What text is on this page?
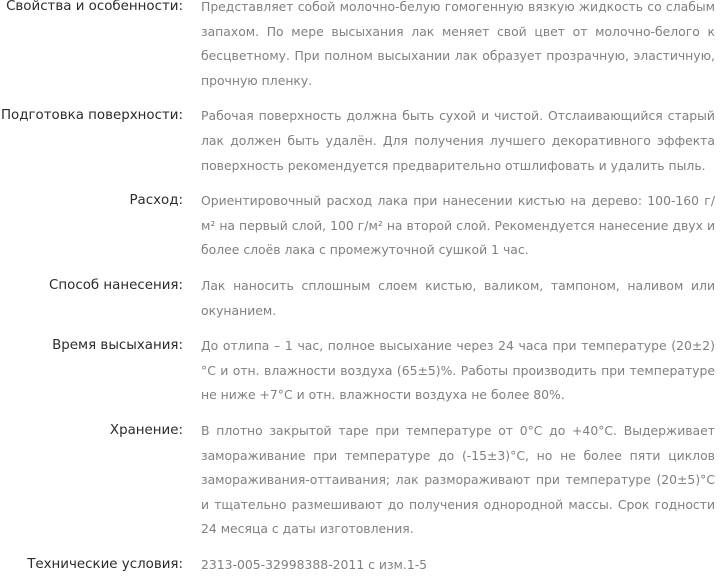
Свойства и особенности: Представляет собой молочно-белую гомогенную вязкую жидкость со слабым запахом. По мере высыхания лак меняет свой цвет от молочно-белого к бесцветному. При полном высыхании лак образует прозрачную, эластичную, прочную пленку.
Подготовка поверхности: Рабочая поверхность должна быть сухой и чистой. Отслаивающийся старый лак должен быть удалён. Для получения лучшего декоративного эффекта поверхность рекомендуется предварительно отшлифовать и удалить пыль.
Расход: Ориентировочный расход лака при нанесении кистью на дерево: 100-160 г/м² на первый слой, 100 г/м² на второй слой. Рекомендуется нанесение двух и более слоёв лака с промежуточной сушкой 1 час.
Способ нанесения: Лак наносить сплошным слоем кистью, валиком, тампоном, наливом или окунанием.
Время высыхания: До отлипа – 1 час, полное высыхание через 24 часа при температуре (20±2)°С и отн. влажности воздуха (65±5)%. Работы производить при температуре не ниже +7°С и отн. влажности воздуха не более 80%.
Хранение: В плотно закрытой таре при температуре от 0°С до +40°С. Выдерживает замораживание при температуре до (-15±3)°С, но не более пяти циклов замораживания-оттаивания; лак размораживают при температуре (20±5)°С и тщательно размешивают до получения однородной массы. Срок годности 24 месяца с даты изготовления.
Технические условия: 2313-005-32998388-2011 с изм.1-5
